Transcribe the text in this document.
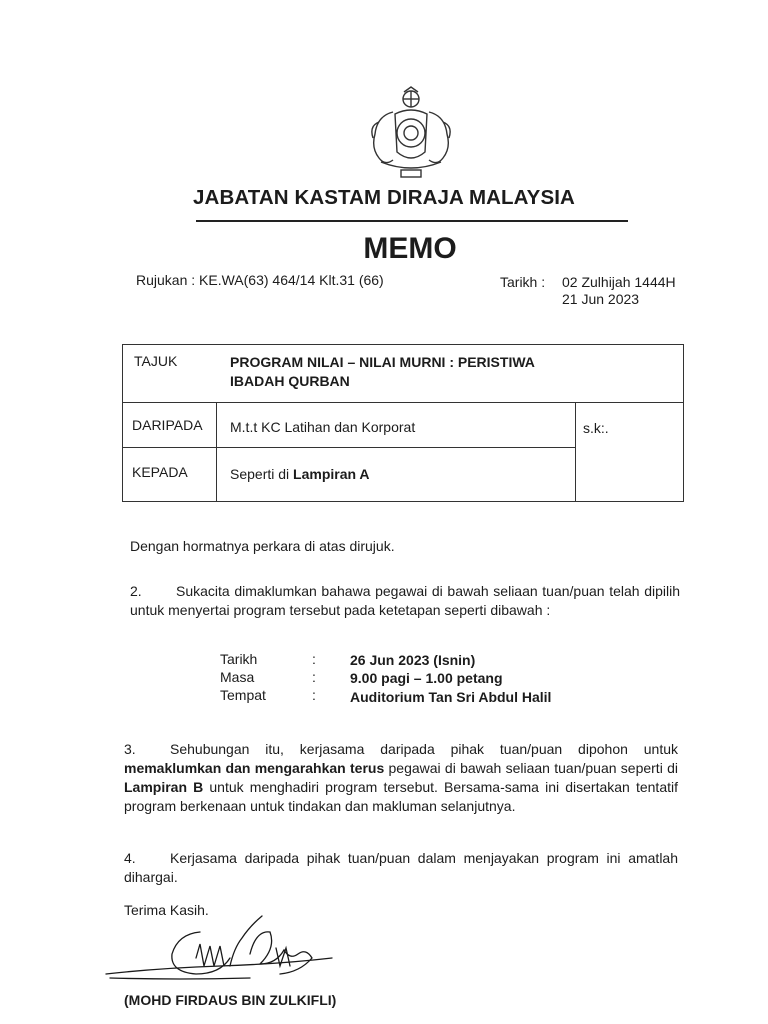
JABATAN KASTAM DIRAJA MALAYSIA
MEMO
Rujukan : KE.WA(63) 464/14 Klt.31 (66)	Tarikh : 02 Zulhijah 1444H
21 Jun 2023
TAJUK	PROGRAM NILAI – NILAI MURNI : PERISTIWA
IBADAH QURBAN
DARIPADA M.t.t KC Latihan dan Korporat	s.k:.
KEPADA	Seperti di Lampiran A
Dengan hormatnya perkara di atas dirujuk.
2. Sukacita dimaklumkan bahawa pegawai di bawah seliaan tuan/puan telah dipilih untuk menyertai program tersebut pada ketetapan seperti dibawah :
Tarikh	: 26 Jun 2023 (Isnin)
Masa	: 9.00 pagi – 1.00 petang
Tempat	: Auditorium Tan Sri Abdul Halil
3. Sehubungan itu, kerjasama daripada pihak tuan/puan dipohon untuk memaklumkan dan mengarahkan terus pegawai di bawah seliaan tuan/puan seperti di Lampiran B untuk menghadiri program tersebut. Bersama-sama ini disertakan tentatif program berkenaan untuk tindakan dan makluman selanjutnya.
4. Kerjasama daripada pihak tuan/puan dalam menjayakan program ini amatlah dihargai.
Terima Kasih.
(MOHD FIRDAUS BIN ZULKIFLI)
